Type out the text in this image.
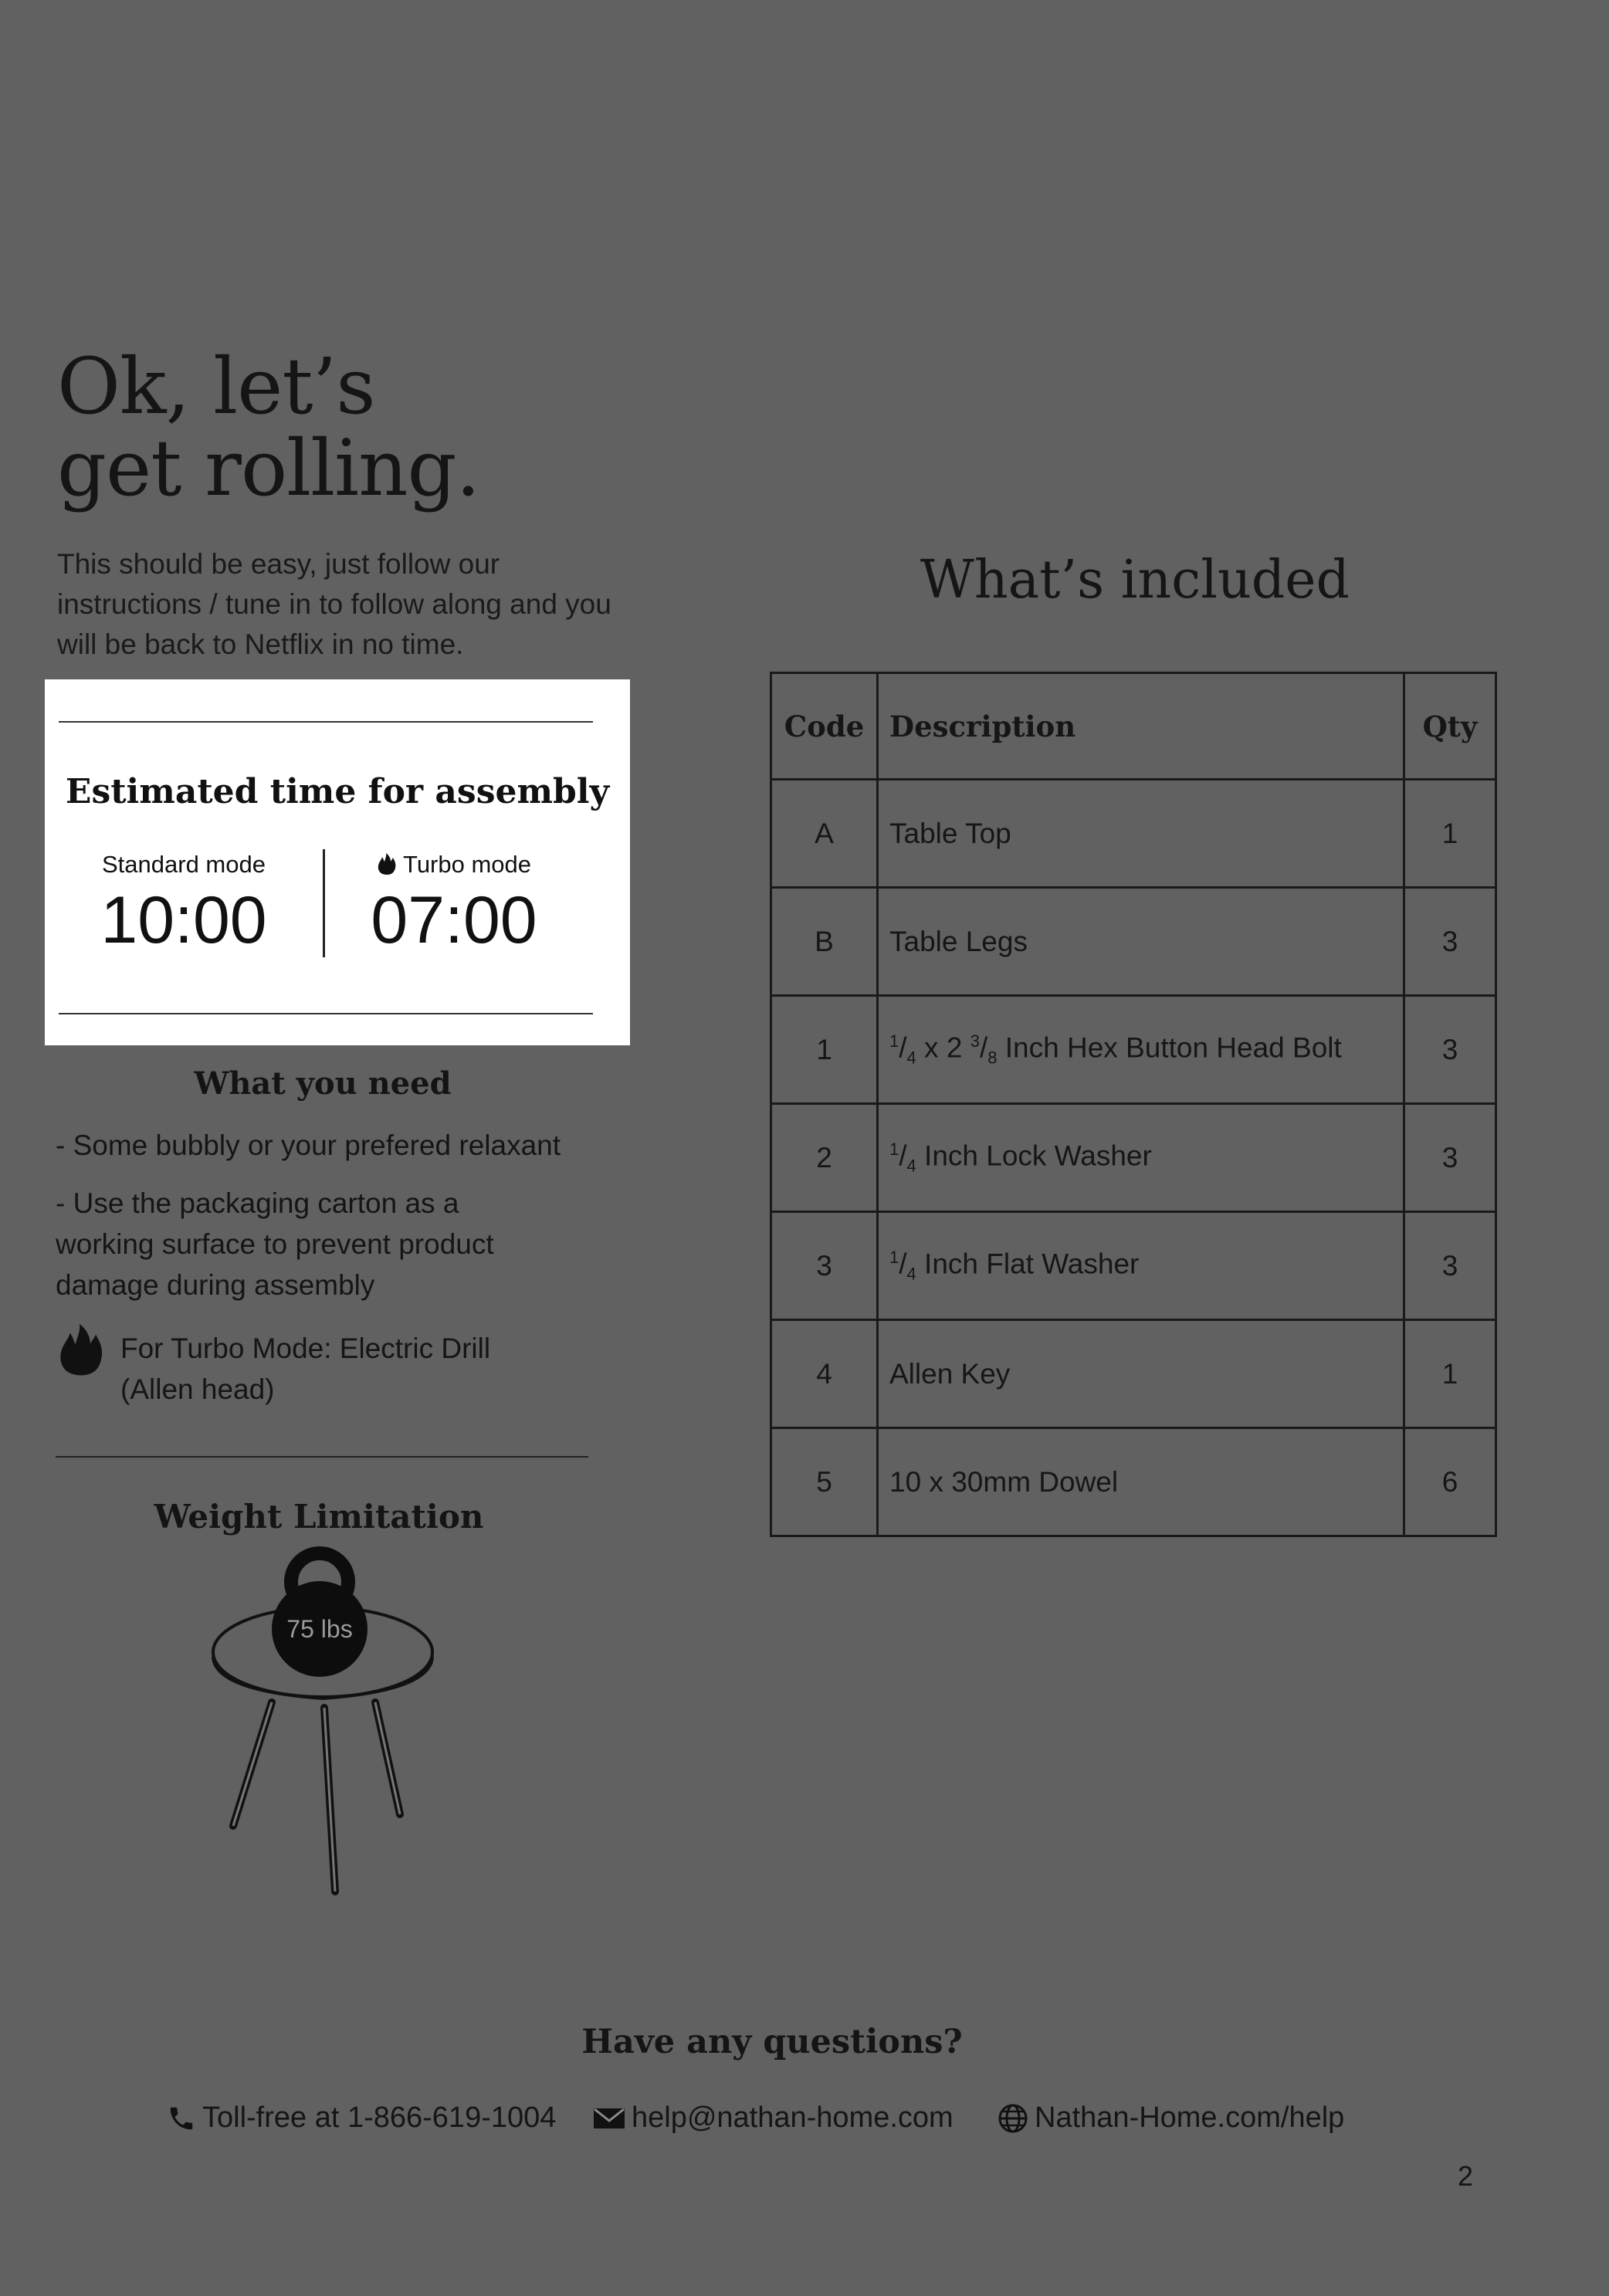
Ok, let’s
get rolling.

This should be easy, just follow our instructions / tune in to follow along and you will be back to Netflix in no time.

Estimated time for assembly

Standard mode
10:00
Turbo mode
07:00

What you need

- Some bubbly or your prefered relaxant

- Use the packaging carton as a working surface to prevent product damage during assembly

For Turbo Mode: Electric Drill (Allen head)

Weight Limitation

75 lbs

What’s included

Code	Description	Qty
A	Table Top	1
B	Table Legs	3
1	$^1/_4$ x 2 $^3/_8$ Inch Hex Button Head Bolt	3
2	$^1/_4$ Inch Lock Washer	3
3	$^1/_4$ Inch Flat Washer	3
4	Allen Key	1
5	10 x 30mm Dowel	6

Have any questions?

Toll-free at 1-866-619-1004	help@nathan-home.com	Nathan-Home.com/help
2
